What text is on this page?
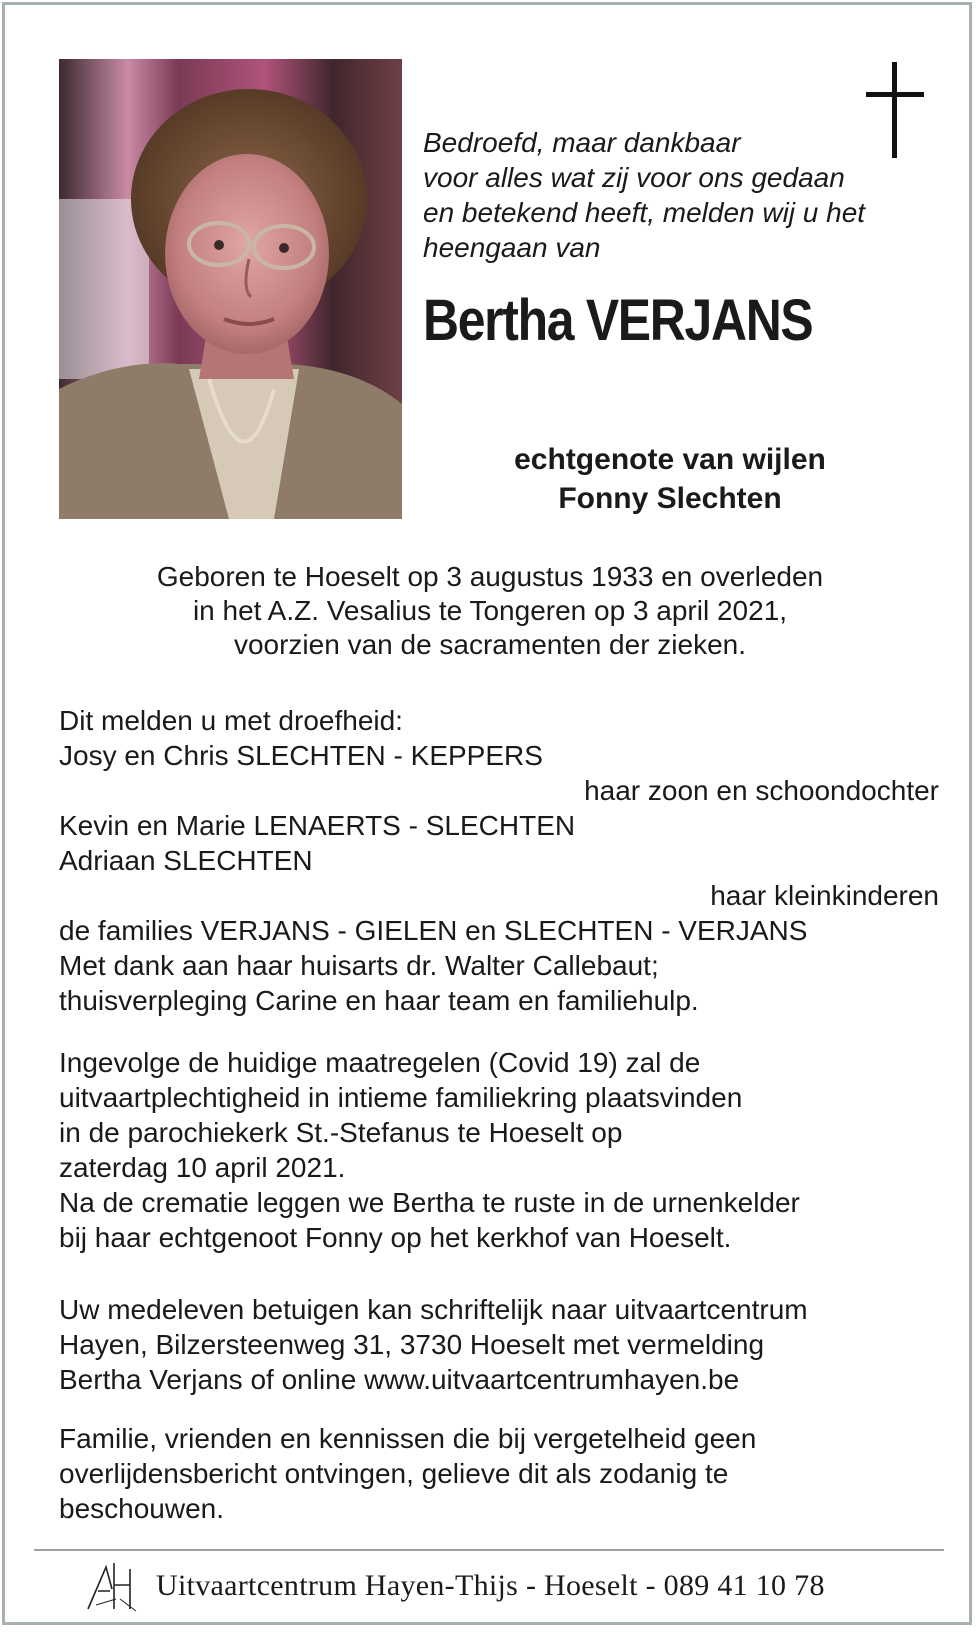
Bedroefd, maar dankbaar
voor alles wat zij voor ons gedaan
en betekend heeft, melden wij u het
heengaan van
Bertha VERJANS
echtgenote van wijlen
Fonny Slechten
Geboren te Hoeselt op 3 augustus 1933 en overleden
in het A.Z. Vesalius te Tongeren op 3 april 2021,
voorzien van de sacramenten der zieken.
Dit melden u met droefheid:
Josy en Chris SLECHTEN - KEPPERS
haar zoon en schoondochter
Kevin en Marie LENAERTS - SLECHTEN
Adriaan SLECHTEN
haar kleinkinderen
de families VERJANS - GIELEN en SLECHTEN - VERJANS
Met dank aan haar huisarts dr. Walter Callebaut;
thuisverpleging Carine en haar team en familiehulp.
Ingevolge de huidige maatregelen (Covid 19) zal de
uitvaartplechtigheid in intieme familiekring plaatsvinden
in de parochiekerk St.-Stefanus te Hoeselt op
zaterdag 10 april 2021.
Na de crematie leggen we Bertha te ruste in de urnenkelder
bij haar echtgenoot Fonny op het kerkhof van Hoeselt.
Uw medeleven betuigen kan schriftelijk naar uitvaartcentrum
Hayen, Bilzersteenweg 31, 3730 Hoeselt met vermelding
Bertha Verjans of online www.uitvaartcentrumhayen.be
Familie, vrienden en kennissen die bij vergetelheid geen
overlijdensbericht ontvingen, gelieve dit als zodanig te
beschouwen.
Uitvaartcentrum Hayen-Thijs - Hoeselt - 089 41 10 78
